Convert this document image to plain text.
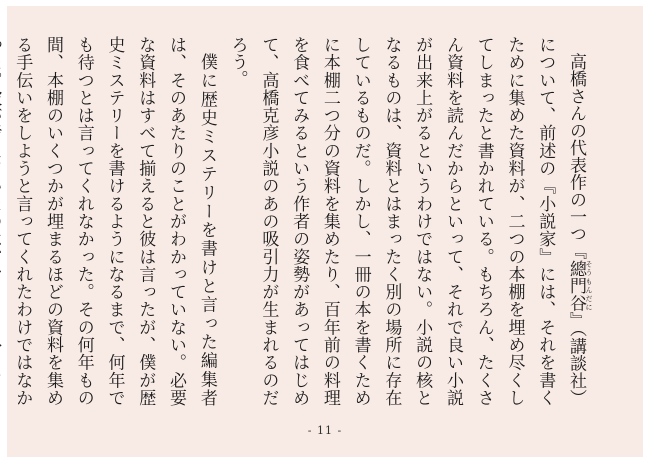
高橋さんの代表作の一つ『總門谷 そうもんだに』（講談社）について、前述の『小説家』には、それを書くために集めた資料が、二つの本棚を埋め尽くしてしまったと書かれている。もちろん、たくさん資料を読んだからといって、それで良い小説が出来上がるというわけではない。小説の核となるものは、資料とはまったく別の場所に存在しているものだ。しかし、一冊の本を書くために本棚二つ分の資料を集めたり、百年前の料理を食べてみるという作者の姿勢があってはじめて、高橋克彦小説のあの吸引力が生まれるのだろう。

僕に歴史ミステリーを書けと言った編集者は、そのあたりのことがわかっていない。必要な資料はすべて揃えると彼は言ったが、僕が歴史ミステリーを書けるようになるまで、何年でも待つとは言ってくれなかった。その何年もの間、本棚のいくつかが埋まるほどの資料を集める手伝いをしようと言ってくれたわけではなか

- 11 -
